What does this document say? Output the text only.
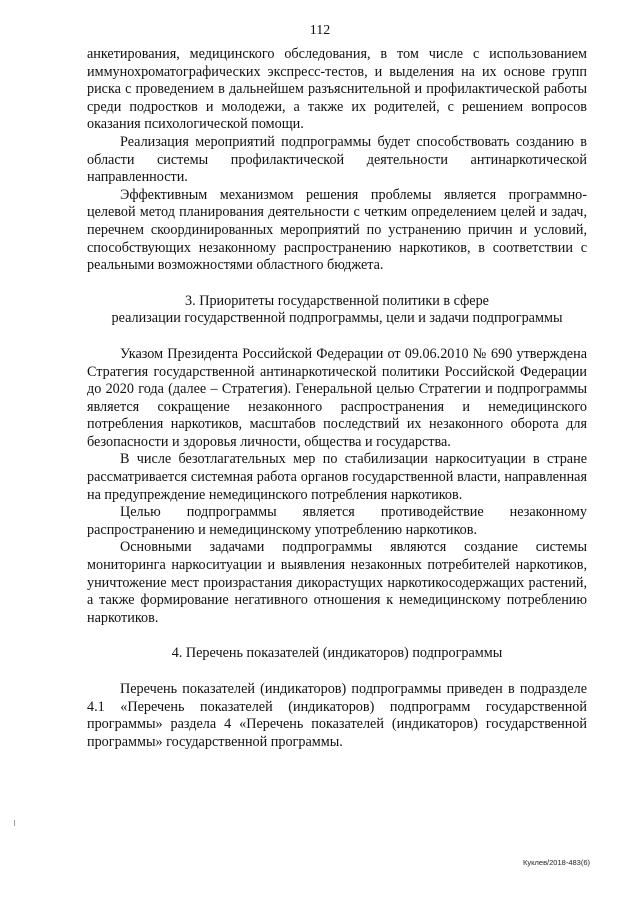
112

анкетирования, медицинского обследования, в том числе с использованием иммунохроматографических экспресс-тестов, и выделения на их основе групп риска с проведением в дальнейшем разъяснительной и профилактической работы среди подростков и молодежи, а также их родителей, с решением вопросов оказания психологической помощи.

Реализация мероприятий подпрограммы будет способствовать созданию в области системы профилактической деятельности антинаркотической направленности.

Эффективным механизмом решения проблемы является программно-целевой метод планирования деятельности с четким определением целей и задач, перечнем скоординированных мероприятий по устранению причин и условий, способствующих незаконному распространению наркотиков, в соответствии с реальными возможностями областного бюджета.

3. Приоритеты государственной политики в сфере

реализации государственной подпрограммы, цели и задачи подпрограммы

Указом Президента Российской Федерации от 09.06.2010 № 690 утверждена Стратегия государственной антинаркотической политики Российской Федерации до 2020 года (далее – Стратегия). Генеральной целью Стратегии и подпрограммы является сокращение незаконного распространения и немедицинского потребления наркотиков, масштабов последствий их незаконного оборота для безопасности и здоровья личности, общества и государства.

В числе безотлагательных мер по стабилизации наркоситуации в стране рассматривается системная работа органов государственной власти, направленная на предупреждение немедицинского потребления наркотиков.

Целью подпрограммы является противодействие незаконному распространению и немедицинскому употреблению наркотиков.

Основными задачами подпрограммы являются создание системы мониторинга наркоситуации и выявления незаконных потребителей наркотиков, уничтожение мест произрастания дикорастущих наркотикосодержащих растений, а также формирование негативного отношения к немедицинскому потреблению наркотиков.

4. Перечень показателей (индикаторов) подпрограммы

Перечень показателей (индикаторов) подпрограммы приведен в подразделе 4.1 «Перечень показателей (индикаторов) подпрограмм государственной программы» раздела 4 «Перечень показателей (индикаторов) государственной программы» государственной программы.

Куклев/2018-483(6)
